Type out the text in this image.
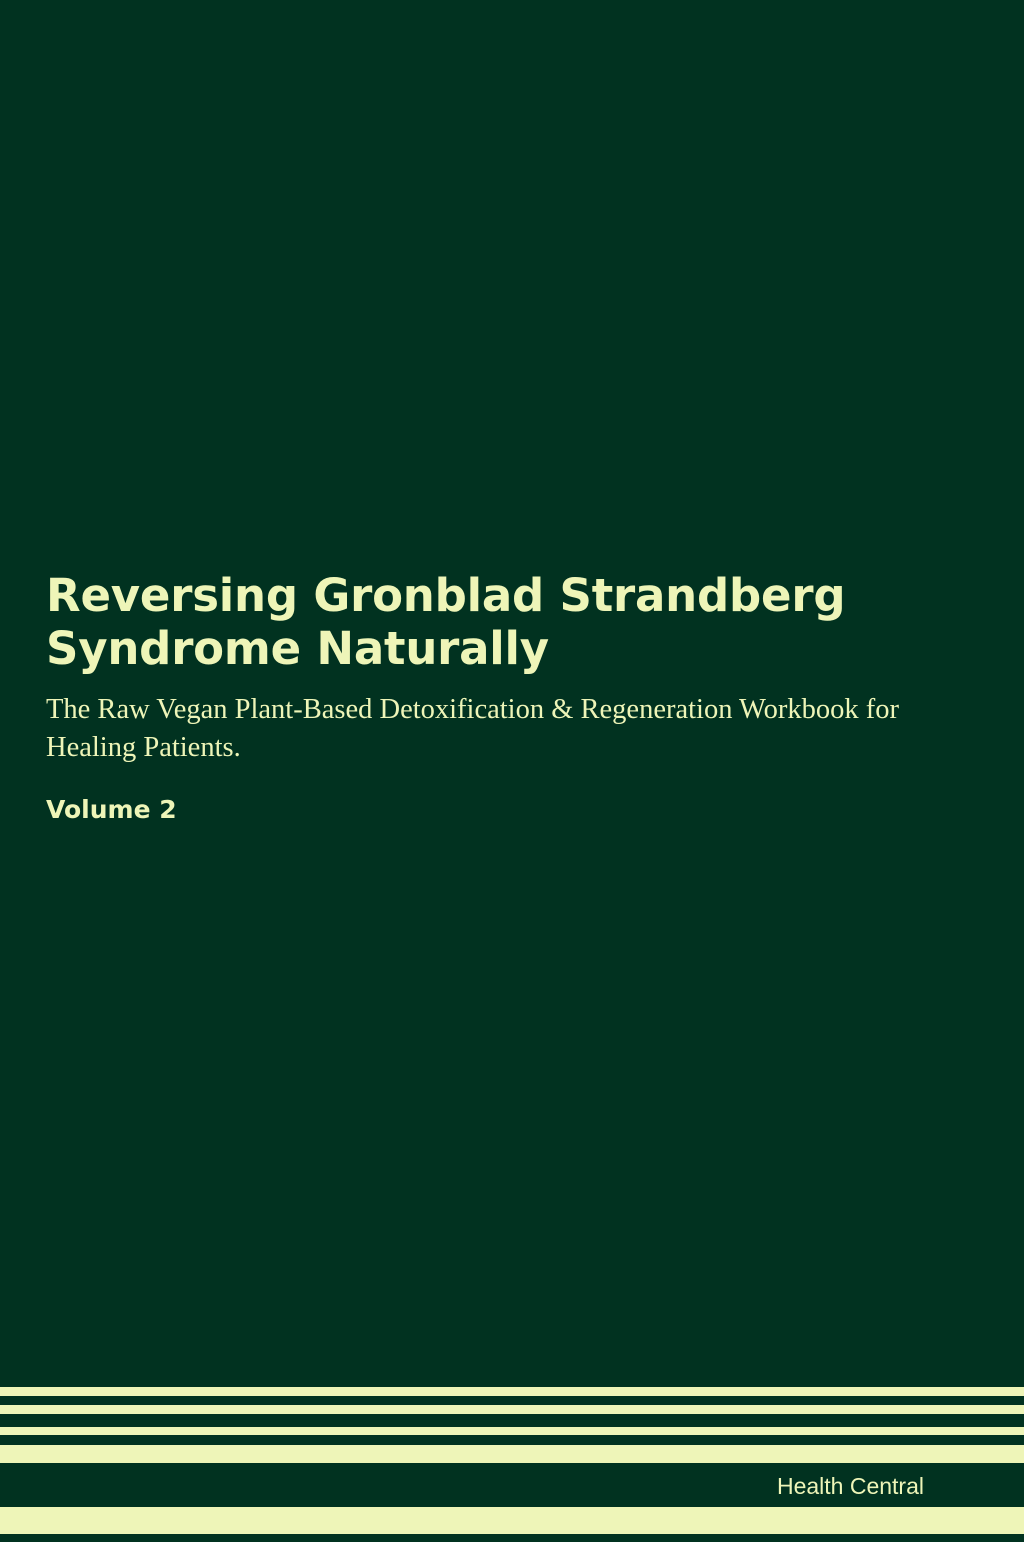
Reversing Gronblad Strandberg Syndrome Naturally

The Raw Vegan Plant-Based Detoxification & Regeneration Workbook for Healing Patients.

Volume 2

Health Central
